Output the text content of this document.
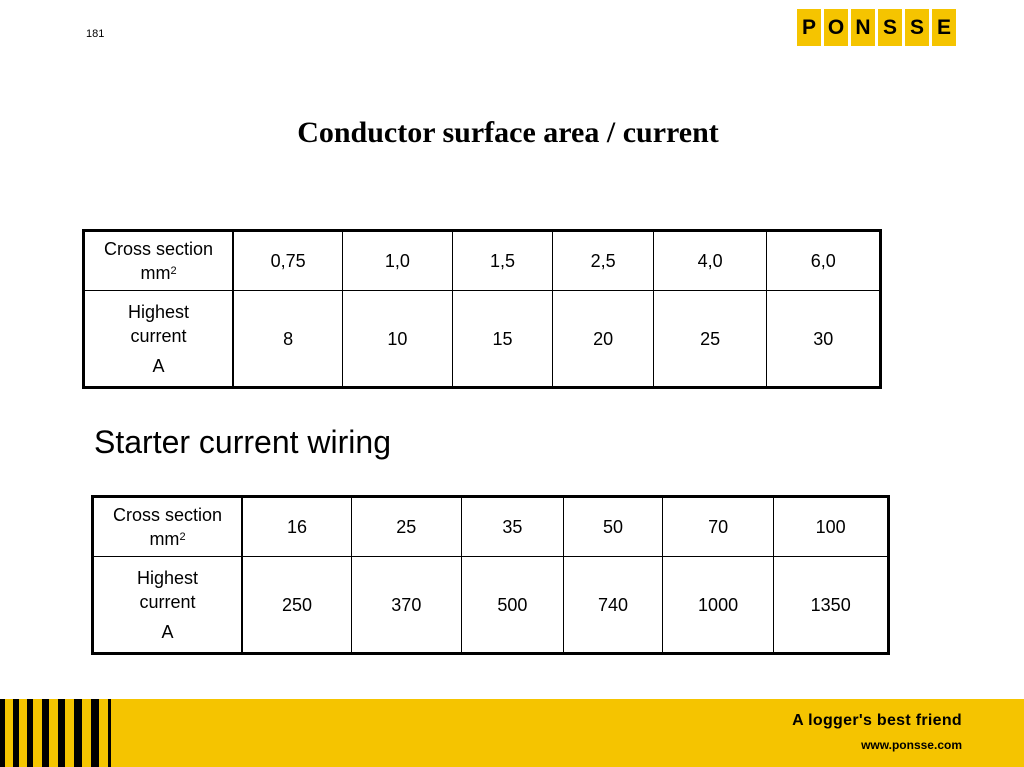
181	P O N S S E
Conductor surface area / current
Cross section
$mm^2$	0,75	1,0	1,5	2,5	4,0	6,0
Highest
current
A	8	10	15	20	25	30
Starter current wiring
Cross section
$mm^2$	16	25	35	50	70	100
Highest
current
A	250	370	500	740	1000	1350
A logger's best friend
www.ponsse.com
